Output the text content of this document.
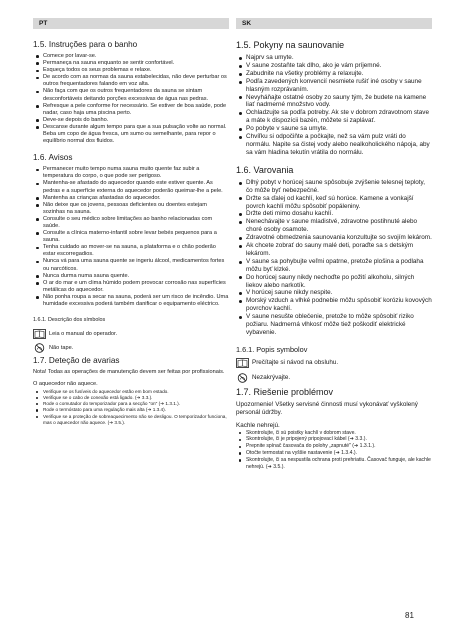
PT	SK
1.5. Instruções para o banho
Comece por lavar-se.
Permaneça na sauna enquanto se sentir confortável.
Esqueça todos os seus problemas e relaxe.
De acordo com as normas da sauna estabelecidas, não deve perturbar os outros frequentadores falando em voz alta.
Não faça com que os outros frequentadores da sauna se sintam desconfortáveis deitando porções excessivas de água nas pedras.
Refresque a pele conforme for necessário. Se estiver de boa saúde, pode nadar, caso haja uma piscina perto.
Deve-se depois do banho.
Descanse durante algum tempo para que a sua pulsação volte ao normal. Beba um copo de água fresca, um sumo ou semelhante, para repor o equilíbrio normal dos fluidos.
1.6. Avisos
Permanecer muito tempo numa sauna muito quente faz subir a temperatura do corpo, o que pode ser perigoso.
Mantenha-se afastado do aquecedor quando este estiver quente. As pedras e a superfície externa do aquecedor poderão queimar-lhe a pele.
Mantenha as crianças afastadas do aquecedor.
Não deixe que os jovens, pessoas deficientes ou doentes estejam sozinhas na sauna.
Consulte o seu médico sobre limitações ao banho relacionadas com saúde.
Consulte a clínica materno-infantil sobre levar bebés pequenos para a sauna.
Tenha cuidado ao mover-se na sauna, a plataforma e o chão poderão estar escorregadios.
Nunca vá para uma sauna quente se ingeriu álcool, medicamentos fortes ou narcóticos.
Nunca durma numa sauna quente.
O ar do mar e um clima húmido podem provocar corrosão nas superfícies metálicas do aquecedor.
Não ponha roupa a secar na sauna, poderá ser um risco de incêndio. Uma humidade excessiva poderá também danificar o equipamento eléctrico.
1.6.1. Descrição dos símbolos
Leia o manual do operador.
Não tape.
1.7. Deteção de avarias

Nota! Todas as operações de manutenção devem ser feitas por profissionais.

O aquecedor não aquece.

Verifique se os fusíveis do aquecedor estão em bom estado.
Verifique se o cabo de conexão está ligado. (➔ 3.3.).
Rode o comutador do temporizador para a secção "on" (➔ 1.3.1.).
Rode o termóstato para uma regulação mais alta (➔ 1.3.4).
Verifique se a proteção de sobreaquecimento não se desligou. O temporizador funciona, mas o aquecedor não aquece. (➔ 3.5.).
1.5. Pokyny na saunovanie
Najprv sa umyte.
V saune zostaňte tak dlho, ako je vám príjemné.
Zabudnite na všetky problémy a relaxujte.
Podľa zavedených konvencií nesmiete rušiť iné osoby v saune hlasným rozprávaním.
Nevyháňajte ostatné osoby zo sauny tým, že budete na kamene liať nadmerné množstvo vody.
Ochladzujte sa podľa potreby. Ak ste v dobrom zdravotnom stave a máte k dispozícii bazén, môžete si zaplávať.
Po pobyte v saune sa umyte.
Chvíľku si odpočiňte a počkajte, než sa vám pulz vráti do normálu. Napite sa čistej vody alebo nealkoholického nápoja, aby sa vám hladina tekutín vrátila do normálu.
1.6. Varovania
Dlhý pobyt v horúcej saune spôsobuje zvýšenie telesnej teploty, čo môže byť nebezpečné.
Držte sa ďalej od kachlí, keď sú horúce. Kamene a vonkajší povrch kachlí môžu spôsobiť popáleniny.
Držte deti mimo dosahu kachlí.
Nenechávajte v saune mladistvé, zdravotne postihnuté alebo choré osoby osamote.
Zdravotné obmedzenia saunovania konzultujte so svojím lekárom.
Ak chcete zobrať do sauny malé deti, poraďte sa s detským lekárom.
V saune sa pohybujte veľmi opatrne, pretože plošina a podlaha môžu byť klzké.
Do horúcej sauny nikdy nechoďte po požití alkoholu, silných liekov alebo narkotík.
V horúcej saune nikdy nespite.
Morský vzduch a vlhké podnebie môžu spôsobiť koróziu kovových povrchov kachlí.
V saune nesušte oblečenie, pretože to môže spôsobiť riziko požiaru. Nadmerná vlhkosť môže tiež poškodiť elektrické vybavenie.
1.6.1. Popis symbolov
Prečítajte si návod na obsluhu.
Nezakrývajte.
1.7. Riešenie problémov

Upozornenie! Všetky servisné činnosti musí vykonávať vyškolený personál údržby.

Kachle nehrejú.

Skontrolujte, či sú poistky kachlí v dobrom stave.
Skontrolujte, či je pripojený pripojovací kábel (➔ 3.3.).
Prepnite spínač časovača do polohy „zapnuté" (➔ 1.3.1.).
Otočte termostat na vyššie nastavenie (➔ 1.3.4.).
Skontrolujte, či sa nespustila ochrana proti prehriatiu. Časovač funguje, ale kachle nehrejú. (➔ 3.5.).
81
